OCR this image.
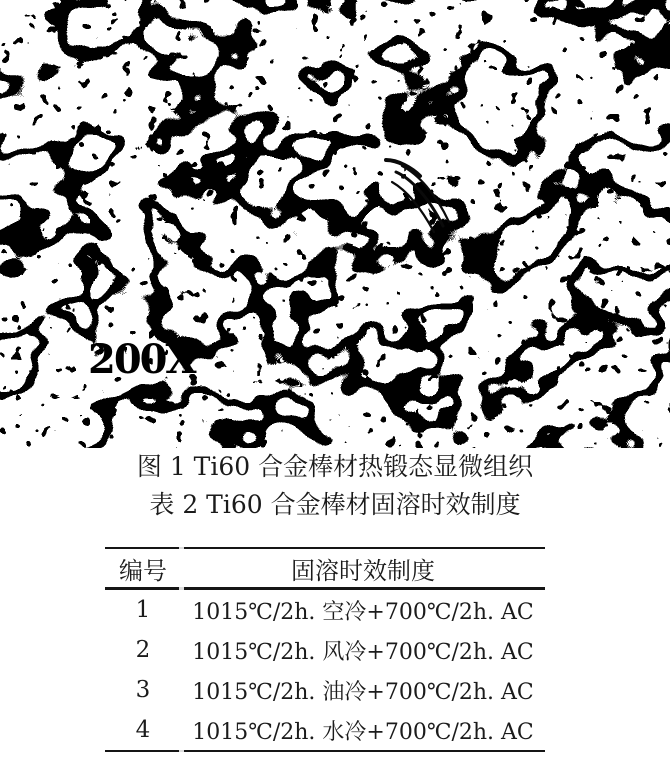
200X
图 1 Ti60 合金棒材热锻态显微组织
表 2 Ti60 合金棒材固溶时效制度
编号	固溶时效制度
1	1015℃/2h. 空冷+700℃/2h. AC
2	1015℃/2h. 风冷+700℃/2h. AC
3	1015℃/2h. 油冷+700℃/2h. AC
4	1015℃/2h. 水冷+700℃/2h. AC
